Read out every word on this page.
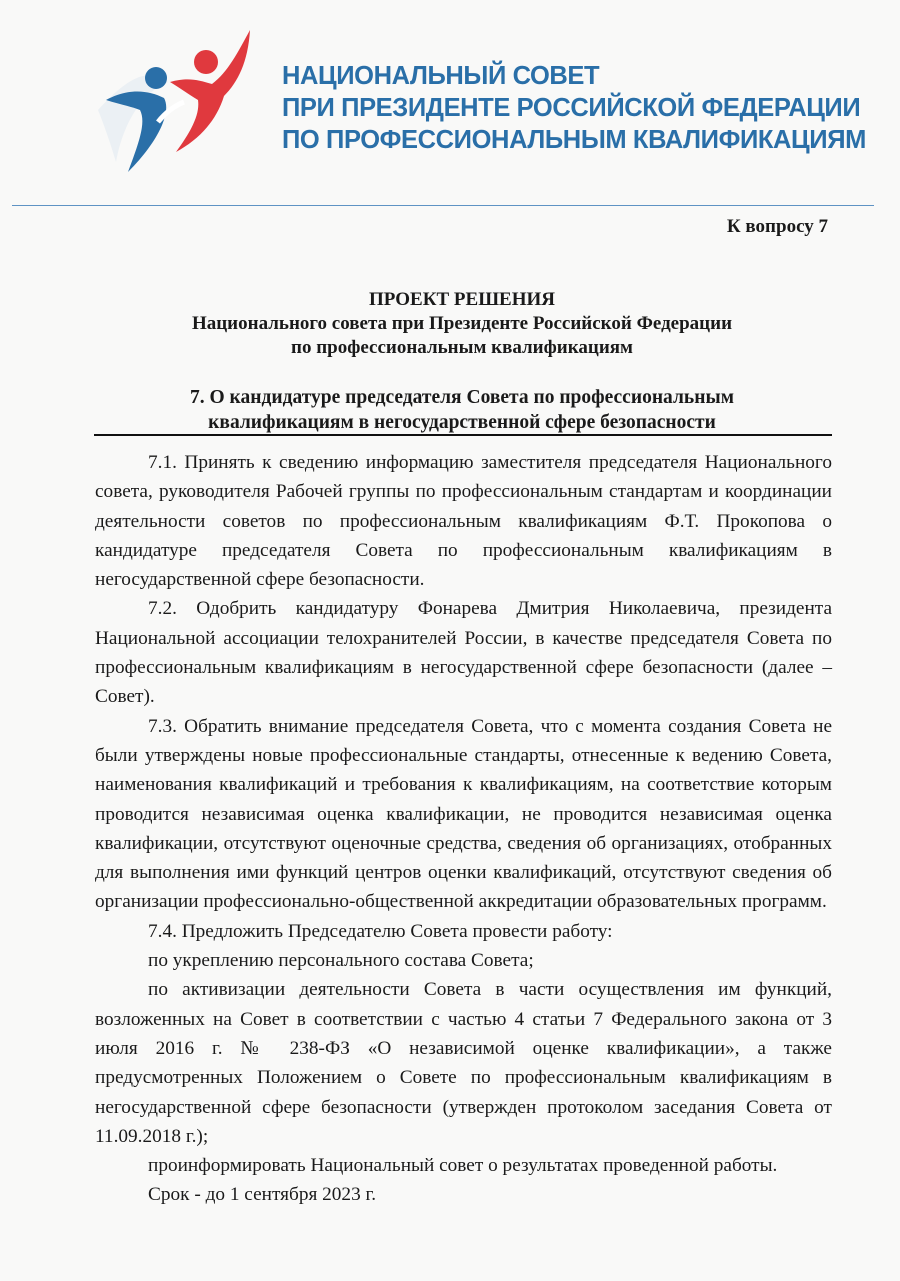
НАЦИОНАЛЬНЫЙ СОВЕТ
ПРИ ПРЕЗИДЕНТЕ РОССИЙСКОЙ ФЕДЕРАЦИИ
ПО ПРОФЕССИОНАЛЬНЫМ КВАЛИФИКАЦИЯМ
К вопросу 7
ПРОЕКТ РЕШЕНИЯ
Национального совета при Президенте Российской Федерации
по профессиональным квалификациям
7. О кандидатуре председателя Совета по профессиональным
квалификациям в негосударственной сфере безопасности

7.1. Принять к сведению информацию заместителя председателя Национального совета, руководителя Рабочей группы по профессиональным стандартам и координации деятельности советов по профессиональным квалификациям Ф.Т. Прокопова о кандидатуре председателя Совета по профессиональным квалификациям в негосударственной сфере безопасности.

7.2. Одобрить кандидатуру Фонарева Дмитрия Николаевича, президента Национальной ассоциации телохранителей России, в качестве председателя Совета по профессиональным квалификациям в негосударственной сфере безопасности (далее – Совет).

7.3. Обратить внимание председателя Совета, что с момента создания Совета не были утверждены новые профессиональные стандарты, отнесенные к ведению Совета, наименования квалификаций и требования к квалификациям, на соответствие которым проводится независимая оценка квалификации, не проводится независимая оценка квалификации, отсутствуют оценочные средства, сведения об организациях, отобранных для выполнения ими функций центров оценки квалификаций, отсутствуют сведения об организации профессионально-общественной аккредитации образовательных программ.

7.4. Предложить Председателю Совета провести работу:

по укреплению персонального состава Совета;

по активизации деятельности Совета в части осуществления им функций, возложенных на Совет в соответствии с частью 4 статьи 7 Федерального закона от 3 июля 2016 г. № 238-ФЗ «О независимой оценке квалификации», а также предусмотренных Положением о Совете по профессиональным квалификациям в негосударственной сфере безопасности (утвержден протоколом заседания Совета от 11.09.2018 г.);

проинформировать Национальный совет о результатах проведенной работы.

Срок - до 1 сентября 2023 г.
